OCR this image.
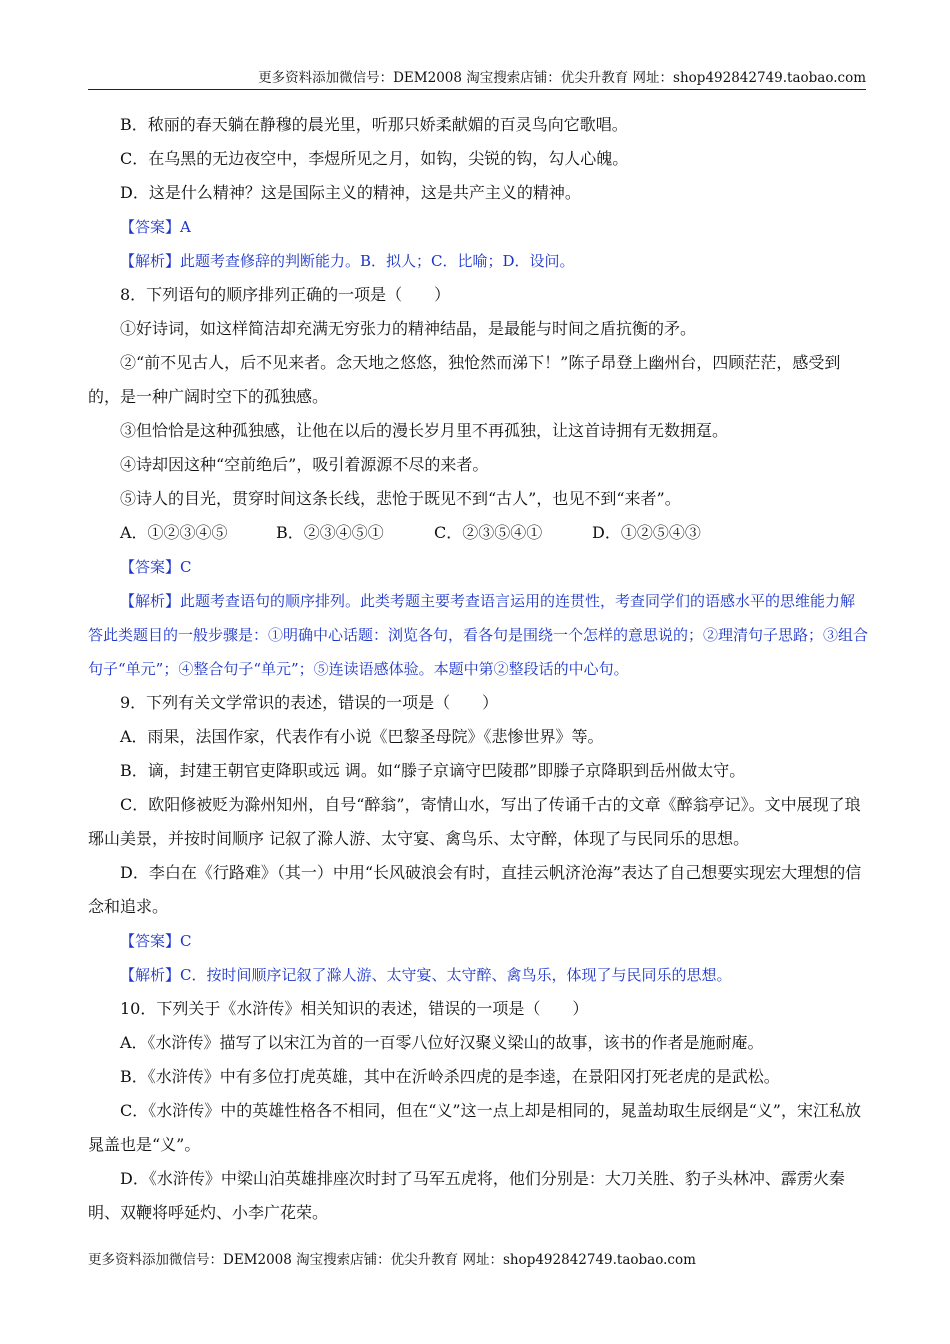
更多资料添加微信号：DEM2008 淘宝搜索店铺：优尖升教育 网址：shop492842749.taobao.com

B．秾丽的春天躺在静穆的晨光里，听那只娇柔献媚的百灵鸟向它歌唱。

C．在乌黑的无边夜空中，李煜所见之月，如钩，尖锐的钩，勾人心魄。

D．这是什么精神？这是国际主义的精神，这是共产主义的精神。

【答案】A

【解析】此题考查修辞的判断能力。B．拟人；C．比喻；D．设问。

8．下列语句的顺序排列正确的一项是（　　）

①好诗词，如这样简洁却充满无穷张力的精神结晶，是最能与时间之盾抗衡的矛。

②“前不见古人，后不见来者。念天地之悠悠，独怆然而涕下！”陈子昂登上幽州台，四顾茫茫，感受到的，是一种广阔时空下的孤独感。

③但恰恰是这种孤独感，让他在以后的漫长岁月里不再孤独，让这首诗拥有无数拥趸。

④诗却因这种“空前绝后”，吸引着源源不尽的来者。

⑤诗人的目光，贯穿时间这条长线，悲怆于既见不到“古人”，也见不到“来者”。

A．①②③④⑤	B．②③④⑤①	C．②③⑤④①	D．①②⑤④③

【答案】C

【解析】此题考查语句的顺序排列。此类考题主要考查语言运用的连贯性，考查同学们的语感水平的思维能力解答此类题目的一般步骤是：①明确中心话题：浏览各句，看各句是围绕一个怎样的意思说的；②理清句子思路；③组合句子“单元”；④整合句子“单元”；⑤连读语感体验。本题中第②整段话的中心句。

9．下列有关文学常识的表述，错误的一项是（　　）

A．雨果，法国作家，代表作有小说《巴黎圣母院》《悲惨世界》等。

B．谪，封建王朝官吏降职或远 调。如“滕子京谪守巴陵郡”即滕子京降职到岳州做太守。

C．欧阳修被贬为滁州知州，自号“醉翁”，寄情山水，写出了传诵千古的文章《醉翁亭记》。文中展现了琅琊山美景，并按时间顺序 记叙了滁人游、太守宴、禽鸟乐、太守醉，体现了与民同乐的思想。

D．李白在《行路难》（其一）中用“长风破浪会有时，直挂云帆济沧海”表达了自己想要实现宏大理想的信念和追求。

【答案】C

【解析】C．按时间顺序记叙了滁人游、太守宴、太守醉、禽鸟乐，体现了与民同乐的思想。

10．下列关于《水浒传》相关知识的表述，错误的一项是（　　）

A．《水浒传》描写了以宋江为首的一百零八位好汉聚义梁山的故事，该书的作者是施耐庵。

B．《水浒传》中有多位打虎英雄，其中在沂岭杀四虎的是李逵，在景阳冈打死老虎的是武松。

C．《水浒传》中的英雄性格各不相同，但在“义”这一点上却是相同的，晁盖劫取生辰纲是“义”，宋江私放晁盖也是“义”。

D．《水浒传》中梁山泊英雄排座次时封了马军五虎将，他们分别是：大刀关胜、豹子头林冲、霹雳火秦明、双鞭将呼延灼、小李广花荣。

更多资料添加微信号：DEM2008 淘宝搜索店铺：优尖升教育 网址：shop492842749.taobao.com
